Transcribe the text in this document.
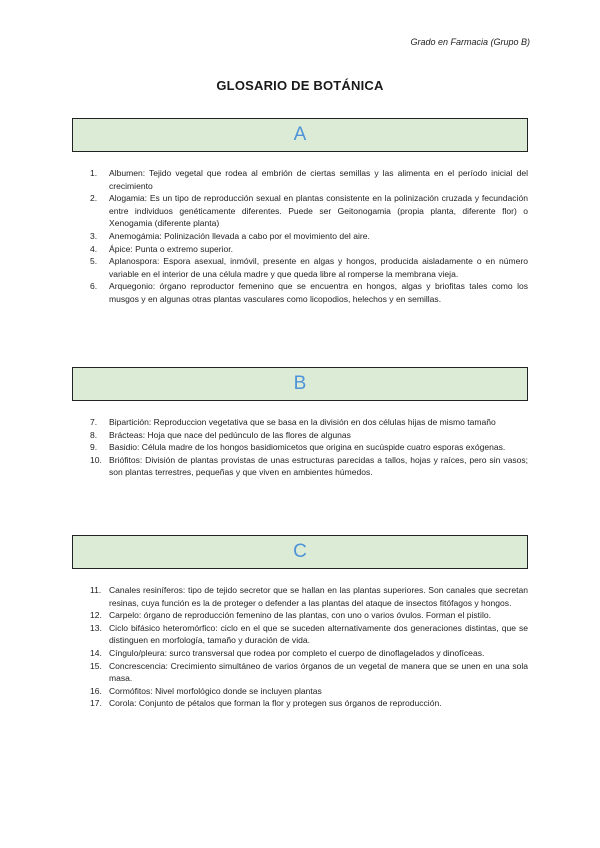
Grado en Farmacia (Grupo B)
GLOSARIO DE BOTÁNICA
A
1. Albumen: Tejido vegetal que rodea al embrión de ciertas semillas y las alimenta en el período inicial del crecimiento
2. Alogamia: Es un tipo de reproducción sexual en plantas consistente en la polinización cruzada y fecundación entre individuos genéticamente diferentes. Puede ser Geitonogamia (propia planta, diferente flor) o Xenogamia (diferente planta)
3. Anemogámia: Polinización llevada a cabo por el movimiento del aire.
4. Ápice: Punta o extremo superior.
5. Aplanospora: Espora asexual, inmóvil, presente en algas y hongos, producida aisladamente o en número variable en el interior de una célula madre y que queda libre al romperse la membrana vieja.
6. Arquegonio: órgano reproductor femenino que se encuentra en hongos, algas y briofitas tales como los musgos y en algunas otras plantas vasculares como licopodios, helechos y en semillas.
B
7. Bipartición: Reproduccion vegetativa que se basa en la división en dos células hijas de mismo tamaño
8. Brácteas: Hoja que nace del pedúnculo de las flores de algunas
9. Basidio: Célula madre de los hongos basidiomicetos que origina en sucúspide cuatro esporas exógenas.
10. Briófitos: División de plantas provistas de unas estructuras parecidas a tallos, hojas y raíces, pero sin vasos; son plantas terrestres, pequeñas y que viven en ambientes húmedos.
C
11. Canales resiníferos: tipo de tejido secretor que se hallan en las plantas superiores. Son canales que secretan resinas, cuya función es la de proteger o defender a las plantas del ataque de insectos fitófagos y hongos.
12. Carpelo: órgano de reproducción femenino de las plantas, con uno o varios óvulos. Forman el pistilo.
13. Ciclo bifásico heteromórfico: ciclo en el que se suceden alternativamente dos generaciones distintas, que se distinguen en morfología, tamaño y duración de vida.
14. Cíngulo/pleura: surco transversal que rodea por completo el cuerpo de dinoflagelados y dinofíceas.
15. Concrescencia: Crecimiento simultáneo de varios órganos de un vegetal de manera que se unen en una sola masa.
16. Cormófitos: Nivel morfológico donde se incluyen plantas
17. Corola: Conjunto de pétalos que forman la flor y protegen sus órganos de reproducción.
